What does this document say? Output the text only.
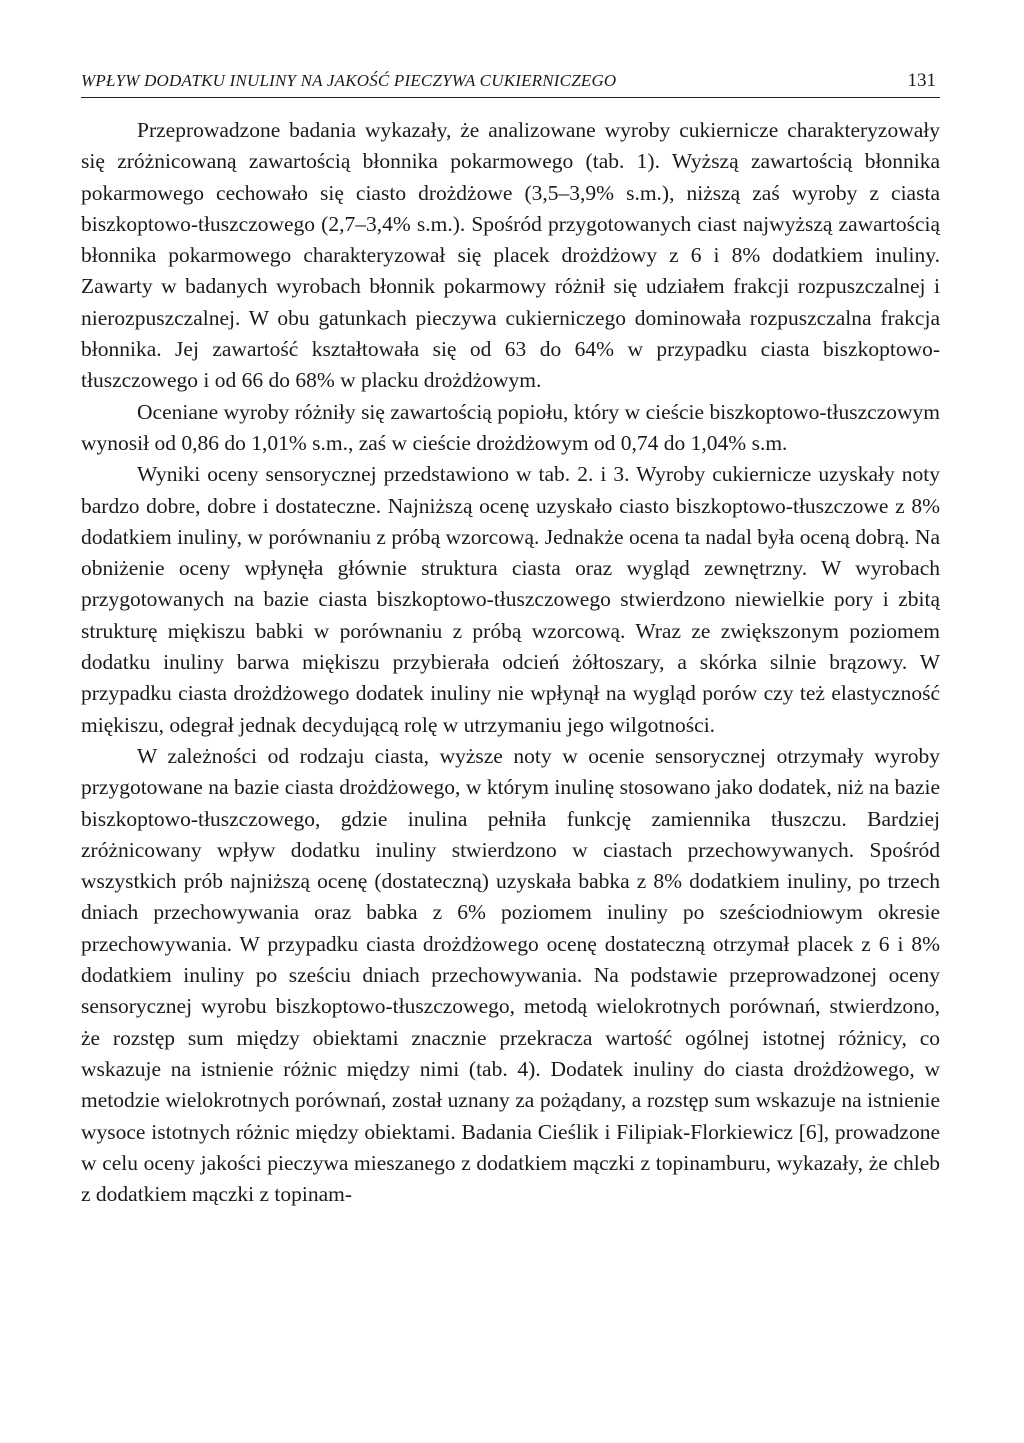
WPŁYW DODATKU INULINY NA JAKOŚĆ PIECZYWA CUKIERNICZEGO	131

Przeprowadzone badania wykazały, że analizowane wyroby cukiernicze charakteryzowały się zróżnicowaną zawartością błonnika pokarmowego (tab. 1). Wyższą zawartością błonnika pokarmowego cechowało się ciasto drożdżowe (3,5–3,9% s.m.), niższą zaś wyroby z ciasta biszkoptowo-tłuszczowego (2,7–3,4% s.m.). Spośród przygotowanych ciast najwyższą zawartością błonnika pokarmowego charakteryzował się placek drożdżowy z 6 i 8% dodatkiem inuliny. Zawarty w badanych wyrobach błonnik pokarmowy różnił się udziałem frakcji rozpuszczalnej i nierozpuszczalnej. W obu gatunkach pieczywa cukierniczego dominowała rozpuszczalna frakcja błonnika. Jej zawartość kształtowała się od 63 do 64% w przypadku ciasta biszkoptowo-tłuszczowego i od 66 do 68% w placku drożdżowym.

Oceniane wyroby różniły się zawartością popiołu, który w cieście biszkoptowo-tłuszczowym wynosił od 0,86 do 1,01% s.m., zaś w cieście drożdżowym od 0,74 do 1,04% s.m.

Wyniki oceny sensorycznej przedstawiono w tab. 2. i 3. Wyroby cukiernicze uzyskały noty bardzo dobre, dobre i dostateczne. Najniższą ocenę uzyskało ciasto biszkoptowo-tłuszczowe z 8% dodatkiem inuliny, w porównaniu z próbą wzorcową. Jednakże ocena ta nadal była oceną dobrą. Na obniżenie oceny wpłynęła głównie struktura ciasta oraz wygląd zewnętrzny. W wyrobach przygotowanych na bazie ciasta biszkoptowo-tłuszczowego stwierdzono niewielkie pory i zbitą strukturę miękiszu babki w porównaniu z próbą wzorcową. Wraz ze zwiększonym poziomem dodatku inuliny barwa miękiszu przybierała odcień żółtoszary, a skórka silnie brązowy. W przypadku ciasta drożdżowego dodatek inuliny nie wpłynął na wygląd porów czy też elastyczność miękiszu, odegrał jednak decydującą rolę w utrzymaniu jego wilgotności.

W zależności od rodzaju ciasta, wyższe noty w ocenie sensorycznej otrzymały wyroby przygotowane na bazie ciasta drożdżowego, w którym inulinę stosowano jako dodatek, niż na bazie biszkoptowo-tłuszczowego, gdzie inulina pełniła funkcję zamiennika tłuszczu. Bardziej zróżnicowany wpływ dodatku inuliny stwierdzono w ciastach przechowywanych. Spośród wszystkich prób najniższą ocenę (dostateczną) uzyskała babka z 8% dodatkiem inuliny, po trzech dniach przechowywania oraz babka z 6% poziomem inuliny po sześciodniowym okresie przechowywania. W przypadku ciasta drożdżowego ocenę dostateczną otrzymał placek z 6 i 8% dodatkiem inuliny po sześciu dniach przechowywania. Na podstawie przeprowadzonej oceny sensorycznej wyrobu biszkoptowo-tłuszczowego, metodą wielokrotnych porównań, stwierdzono, że rozstęp sum między obiektami znacznie przekracza wartość ogólnej istotnej różnicy, co wskazuje na istnienie różnic między nimi (tab. 4). Dodatek inuliny do ciasta drożdżowego, w metodzie wielokrotnych porównań, został uznany za pożądany, a rozstęp sum wskazuje na istnienie wysoce istotnych różnic między obiektami. Badania Cieślik i Filipiak-Florkiewicz [6], prowadzone w celu oceny jakości pieczywa mieszanego z dodatkiem mączki z topinamburu, wykazały, że chleb z dodatkiem mączki z topinam-
